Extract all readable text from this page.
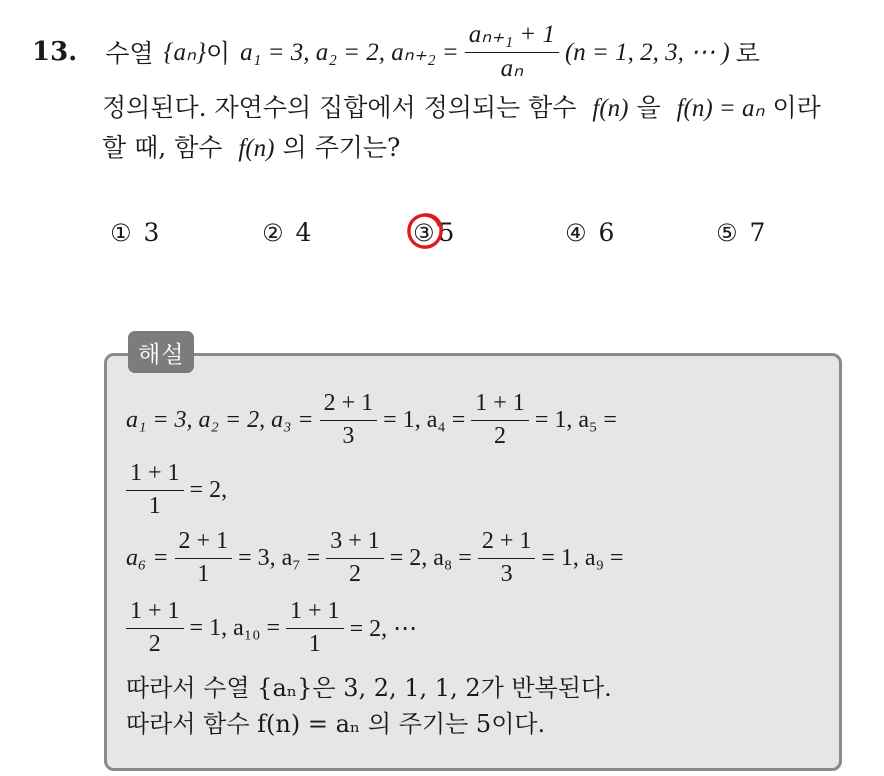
13. 수열 {aₙ} 이 a₁ = 3, a₂ = 2, $a_{n+2} = \frac{\text{aₙ₊₁ + 1}}{\text{aₙ}} (n = 1$, 2, 3, ⋯ ) 로
정의된다. 자연수의 집합에서 정의되는 함수 f(n) 을 f(n) = aₙ 이라
할 때, 함수 f(n) 의 주기는?
① 3	② 4	③ 5	④ 6	⑤ 7
해설
a₁ = 3, a₂ = 2, $a_3 = \frac{2 + 1}{3} = 1$, $a_4 = \frac{1 + 1}{2} = 1$, a₅ =
$\frac{1 + 1}{1} = 2$,
$a_6 = \frac{2 + 1}{1} = 3$, $a_7 = \frac{3 + 1}{2} = 2$, $a_8 = \frac{2 + 1}{3} = 1$, a₉ =
$\frac{1 + 1}{2} = 1$, $a_{10} = \frac{1 + 1}{1} = 2$, ⋯
따라서 수열 {aₙ}은 3, 2, 1, 1, 2가 반복된다.
따라서 함수 f(n) = aₙ 의 주기는 5이다.
